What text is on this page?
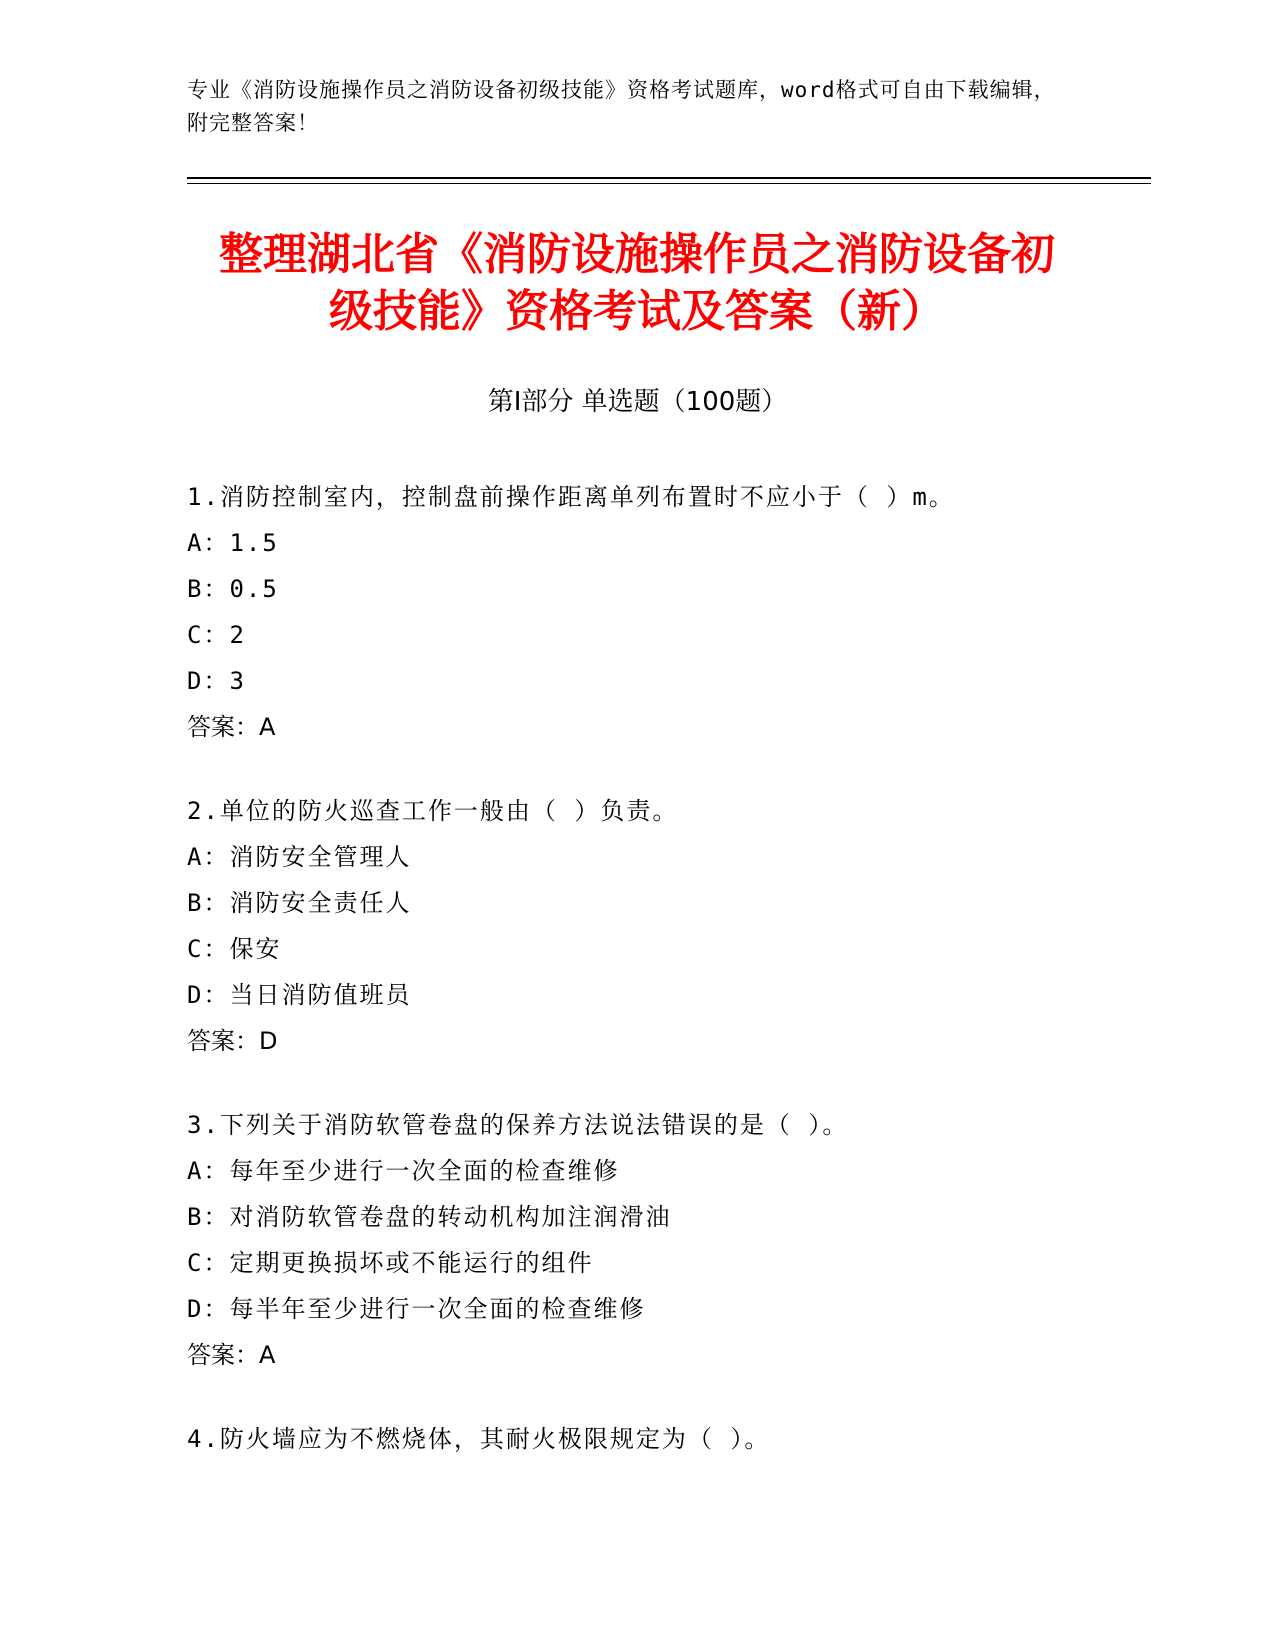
专业《消防设施操作员之消防设备初级技能》资格考试题库，word格式可自由下载编辑，附完整答案！
整理湖北省《消防设施操作员之消防设备初
级技能》资格考试及答案（新）
第Ⅰ部分 单选题（100题）
1.消防控制室内，控制盘前操作距离单列布置时不应小于（ ）m。
A：1.5
B：0.5
C：2
D：3
答案：A
2.单位的防火巡查工作一般由（ ）负责。
A：消防安全管理人
B：消防安全责任人
C：保安
D：当日消防值班员
答案：D
3.下列关于消防软管卷盘的保养方法说法错误的是（ ）。
A：每年至少进行一次全面的检查维修
B：对消防软管卷盘的转动机构加注润滑油
C：定期更换损坏或不能运行的组件
D：每半年至少进行一次全面的检查维修
答案：A
4.防火墙应为不燃烧体，其耐火极限规定为（ ）。
